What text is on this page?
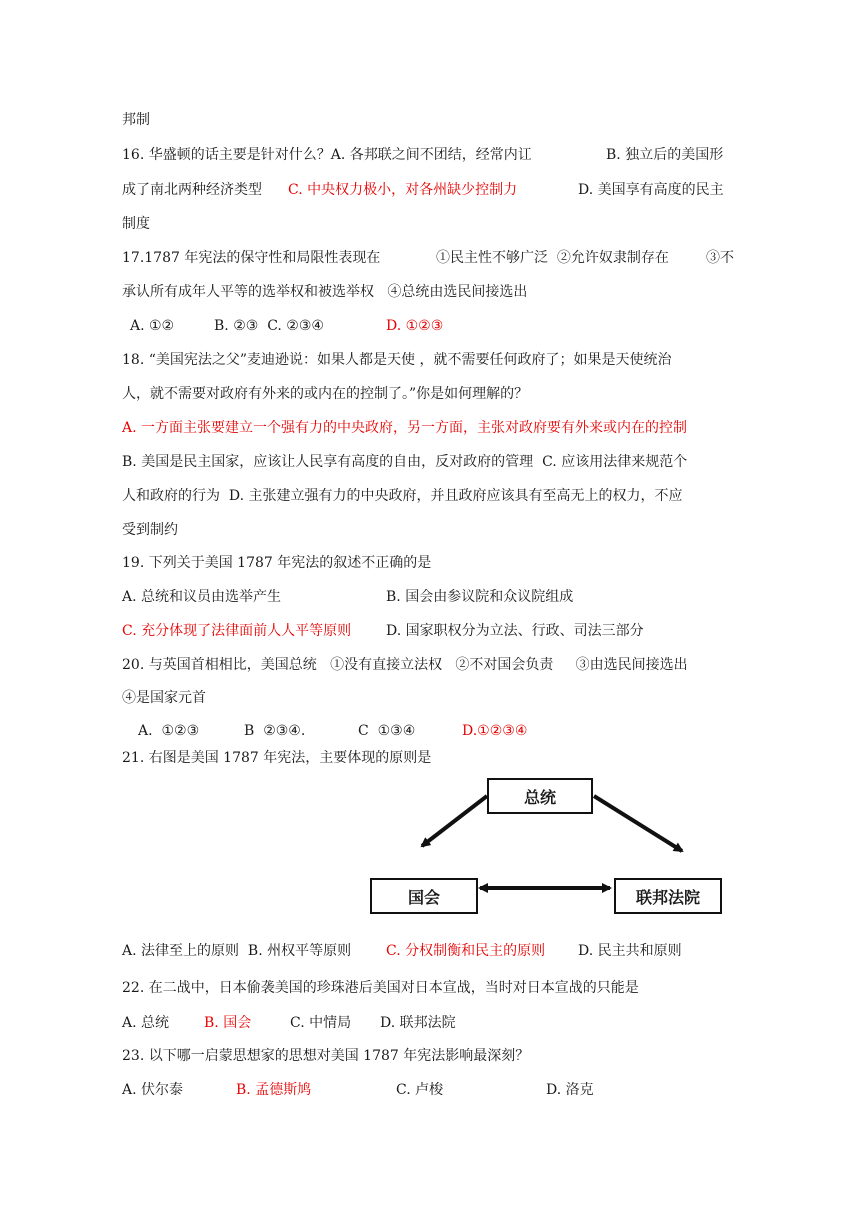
邦制
16. 华盛顿的话主要是针对什么？A. 各邦联之间不团结，经常内讧	B. 独立后的美国形
成了南北两种经济类型 C. 中央权力极小，对各州缺少控制力	D. 美国享有高度的民主
制度
17.1787 年宪法的保守性和局限性表现在	①民主性不够广泛  ②允许奴隶制存在	③不
承认所有成年人平等的选举权和被选举权   ④总统由选民间接选出
A. ①②	B. ②③  C. ②③④	D. ①②③
18. “美国宪法之父”麦迪逊说：如果人都是天使 ，就不需要任何政府了；如果是天使统治
人，就不需要对政府有外来的或内在的控制了。”你是如何理解的？
A. 一方面主张要建立一个强有力的中央政府，另一方面，主张对政府要有外来或内在的控制
B. 美国是民主国家，应该让人民享有高度的自由，反对政府的管理  C. 应该用法律来规范个
人和政府的行为  D. 主张建立强有力的中央政府，并且政府应该具有至高无上的权力，不应
受到制约
19. 下列关于美国 1787 年宪法的叙述不正确的是
A. 总统和议员由选举产生	B. 国会由参议院和众议院组成
C. 充分体现了法律面前人人平等原则 D. 国家职权分为立法、行政、司法三部分
20. 与英国首相相比，美国总统   ①没有直接立法权   ②不对国会负责     ③由选民间接选出
④是国家元首
A.  ①②③	B  ②③④.	C  ①③④	D.①②③④
21. 右图是美国 1787 年宪法，主要体现的原则是
总统
国会	联邦法院
A. 法律至上的原则  B. 州权平等原则 C. 分权制衡和民主的原则 D. 民主共和原则
22. 在二战中，日本偷袭美国的珍珠港后美国对日本宣战，当时对日本宣战的只能是
A. 总统 B. 国会	C. 中情局 D. 联邦法院
23. 以下哪一启蒙思想家的思想对美国 1787 年宪法影响最深刻？
A. 伏尔泰	B. 孟德斯鸠	C. 卢梭	D. 洛克
